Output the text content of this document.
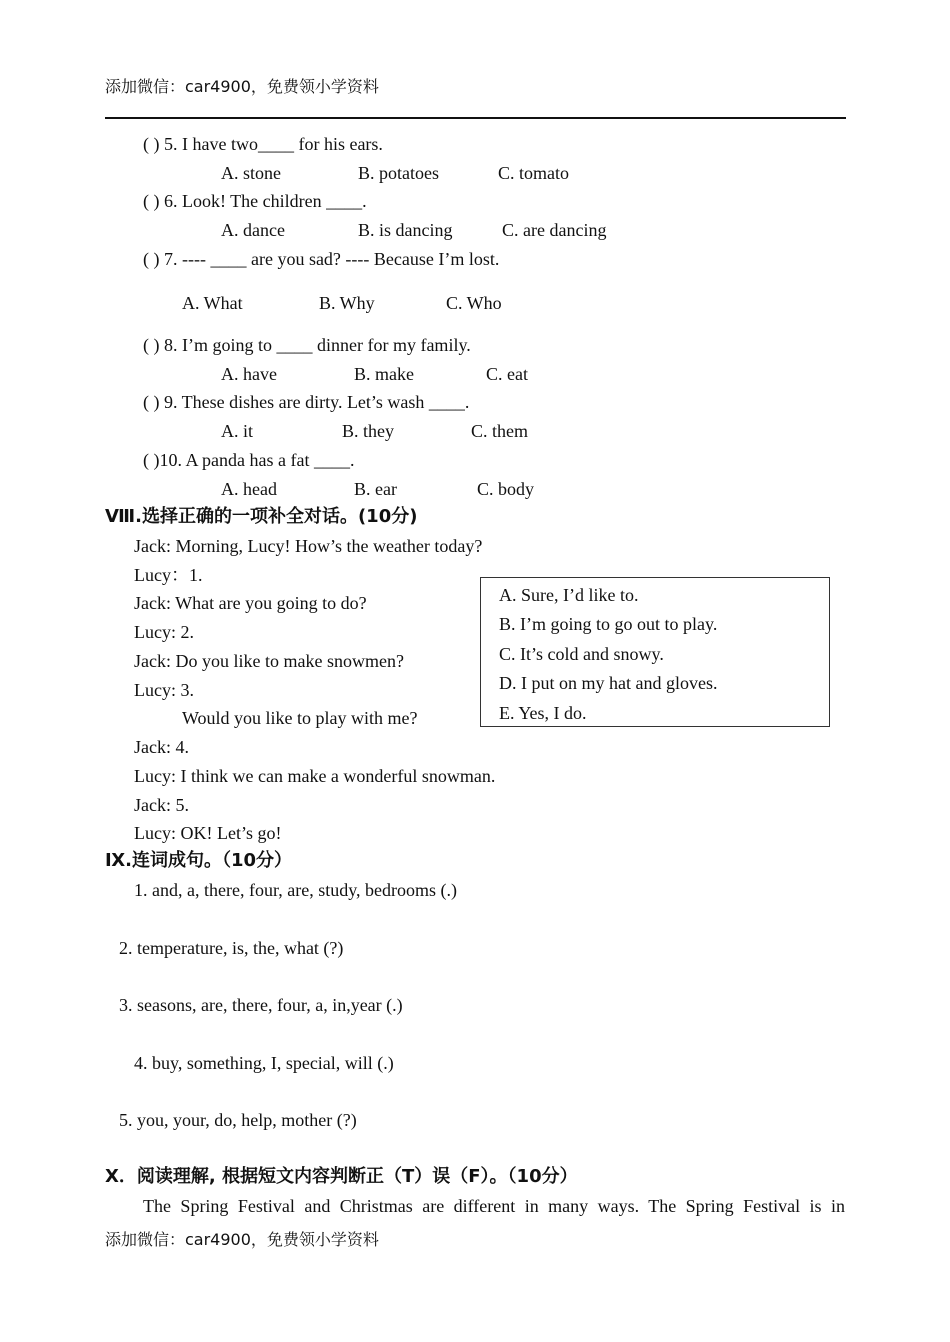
添加微信：car4900，免费领小学资料
( ) 5. I have two____ for his ears.
A. stone	B. potatoes	C. tomato
( ) 6. Look! The children ____.
A. dance	B. is dancing	C. are dancing
( ) 7. ---- ____ are you sad? ---- Because I’m lost.
A. What	B. Why	C. Who
( ) 8. I’m going to ____ dinner for my family.
A. have	B. make	C. eat
( ) 9. These dishes are dirty. Let’s wash ____.
A. it	B. they	C. them
( )10. A panda has a fat ____.
A. head	B. ear	C. body
Ⅷ.选择正确的一项补全对话。(10分)
Jack: Morning, Lucy! How’s the weather today?
Lucy：1.
Jack: What are you going to do?
Lucy: 2.
Jack: Do you like to make snowmen?
Lucy: 3.
Would you like to play with me?
Jack: 4.
Lucy: I think we can make a wonderful snowman.
Jack: 5.
Lucy: OK! Let’s go!
A. Sure, I’d like to.
B. I’m going to go out to play.
C. It’s cold and snowy.
D. I put on my hat and gloves.
E. Yes, I do.
Ⅸ.连词成句。（10分）
1. and, a, there, four, are, study, bedrooms (.)
2. temperature, is, the, what (?)
3. seasons, are, there, four, a, in,year (.)
4. buy, something, I, special, will (.)
5. you, your, do, help, mother (?)
Ⅹ．阅读理解, 根据短文内容判断正（T）误（F）。（10分）
The Spring Festival and Christmas are different in many ways. The Spring Festival is in
添加微信：car4900，免费领小学资料
